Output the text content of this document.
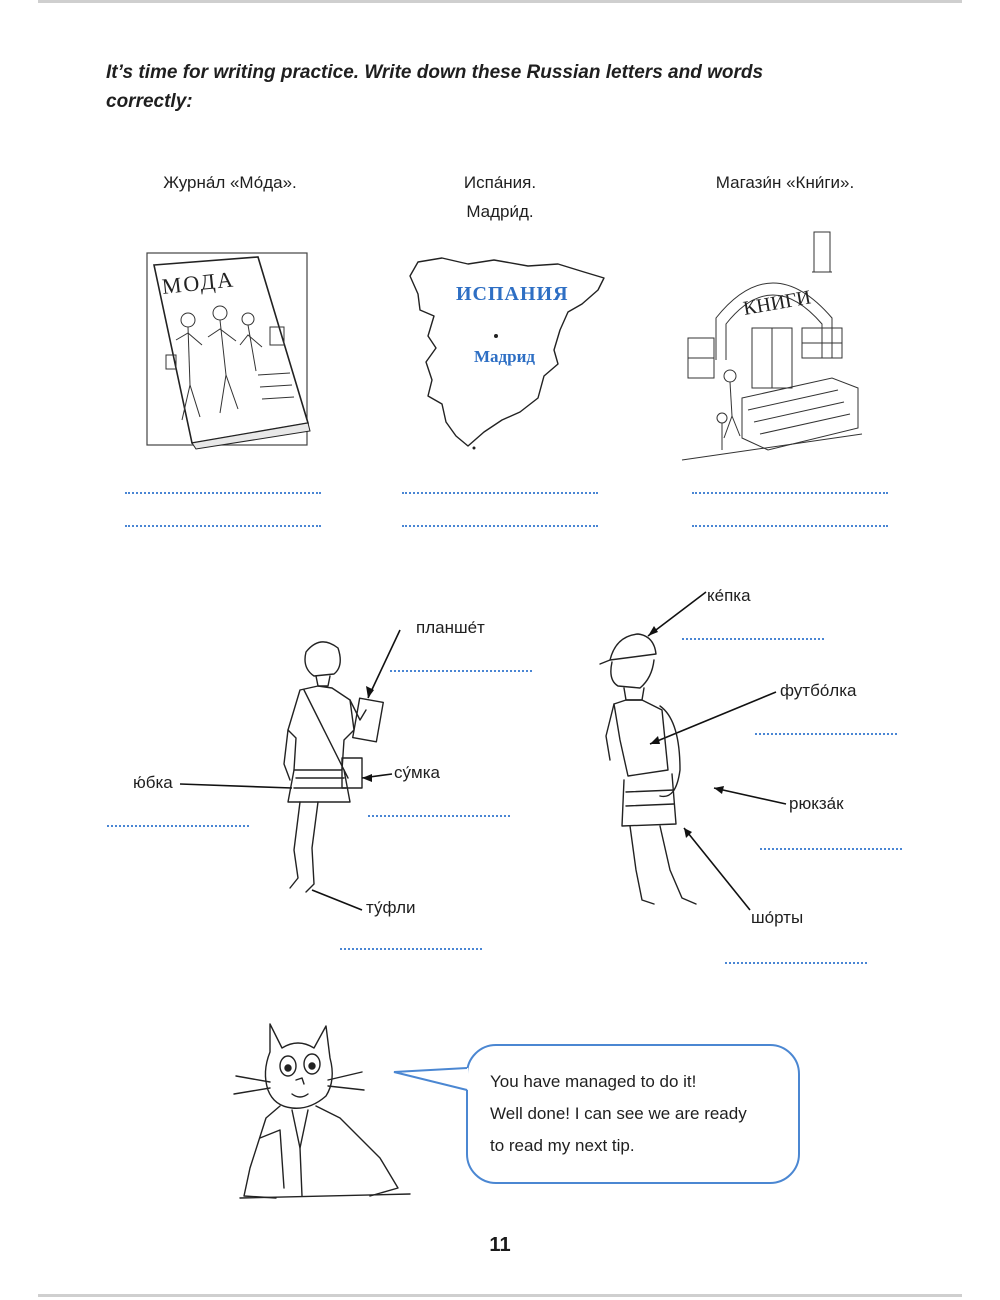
It’s time for writing practice. Write down these Russian letters and words
correctly:
Журна́л «Мо́да».	Испа́ния.
Мадри́д.
Магази́н «Кни́ги».
МОДА	ИСПАНИЯ
Мадрид
КНИГИ
планше́т
ю́бка
су́мка
ту́фли
ке́пка
футбо́лка
рюкза́к
шо́рты
You have managed to do it!
Well done! I can see we are ready
to read my next tip.
11
